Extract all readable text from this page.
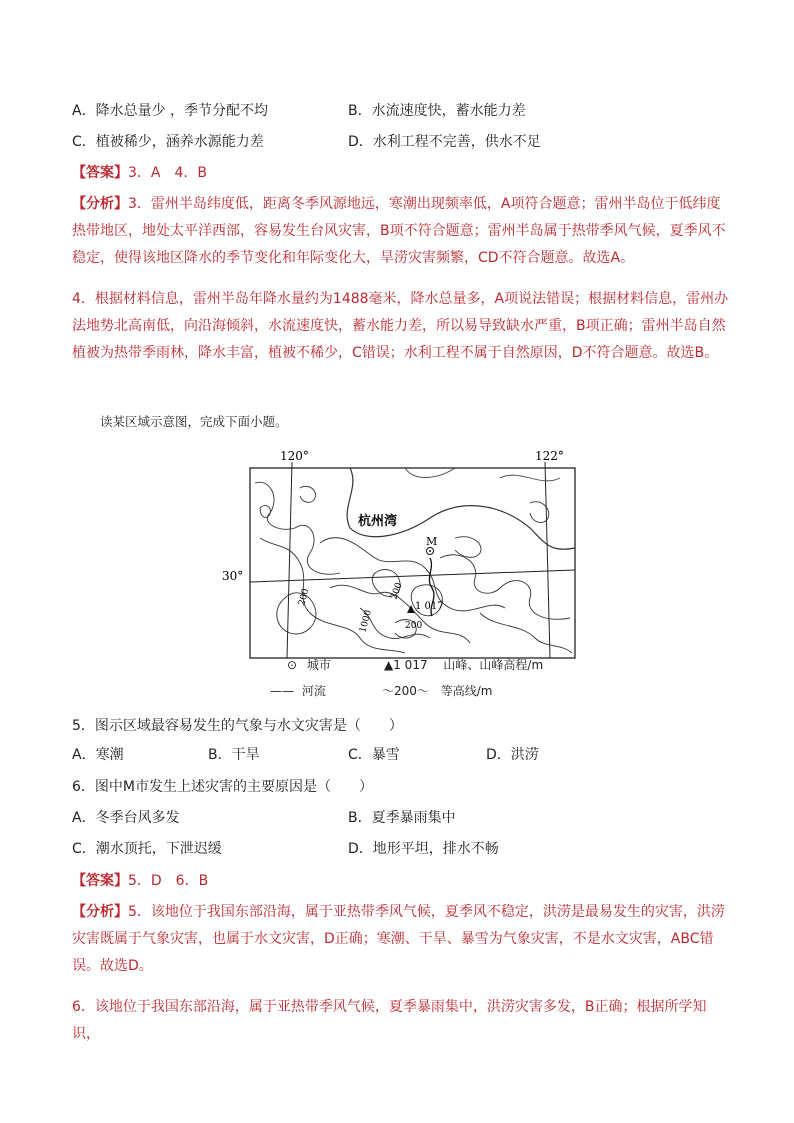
A．降水总量少 ，季节分配不均	B．水流速度快，蓄水能力差
C．植被稀少，涵养水源能力差	D．水利工程不完善，供水不足
【答案】3．A　4．B
【分析】3．雷州半岛纬度低，距离冬季风源地远，寒潮出现频率低，A项符合题意；雷州半岛位于低纬度热带地区，地处太平洋西部，容易发生台风灾害，B项不符合题意；雷州半岛属于热带季风气候，夏季风不稳定，使得该地区降水的季节变化和年际变化大，旱涝灾害频繁，CD不符合题意。故选A。
4．根据材料信息，雷州半岛年降水量约为1488毫米，降水总量多，A项说法错误；根据材料信息，雷州办法地势北高南低，向沿海倾斜，水流速度快，蓄水能力差，所以易导致缺水严重，B项正确；雷州半岛自然植被为热带季雨林，降水丰富，植被不稀少，C错误；水利工程不属于自然原因，D不符合题意。故选B。
读某区域示意图，完成下面小题。
120°	122°
30°
杭州湾
M
1 017
200	200
1000	200
⊙ 城市	▲1 017 山峰、山峰高程/m
—— 河流	〜200〜 等高线/m
5．图示区域最容易发生的气象与水文灾害是（　　）
A．寒潮	B．干旱	C．暴雪	D．洪涝
6．图中M市发生上述灾害的主要原因是（　　）
A．冬季台风多发	B．夏季暴雨集中
C．潮水顶托，下泄迟缓	D．地形平坦，排水不畅
【答案】5．D　6．B
【分析】5．该地位于我国东部沿海，属于亚热带季风气候，夏季风不稳定，洪涝是最易发生的灾害，洪涝灾害既属于气象灾害，也属于水文灾害，D正确；寒潮、干旱、暴雪为气象灾害，不是水文灾害，ABC错误。故选D。
6．该地位于我国东部沿海，属于亚热带季风气候，夏季暴雨集中，洪涝灾害多发，B正确；根据所学知识，
